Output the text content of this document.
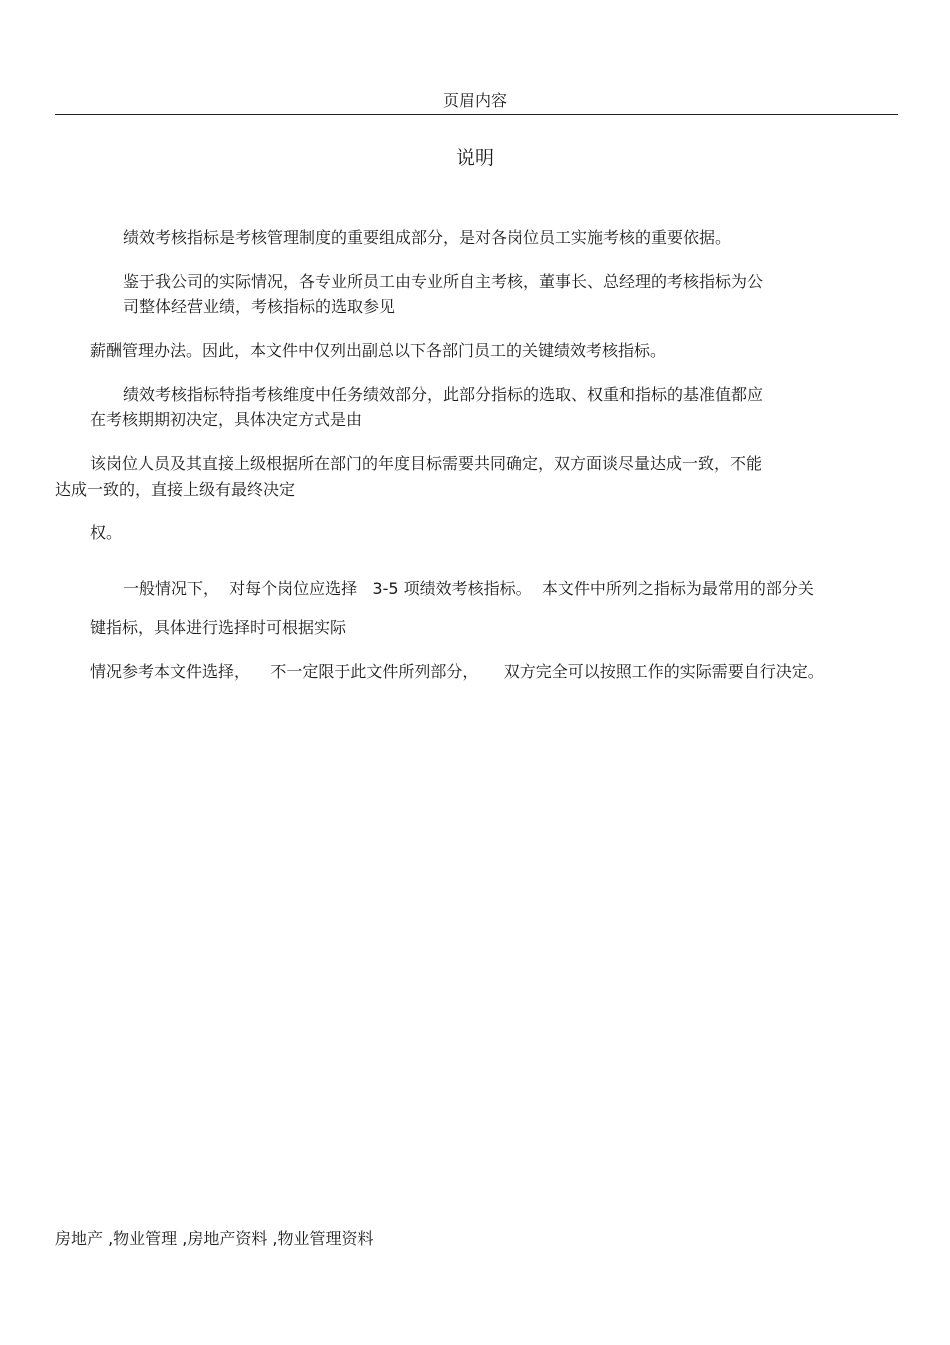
页眉内容
说明
绩效考核指标是考核管理制度的重要组成部分，是对各岗位员工实施考核的重要依据。
鉴于我公司的实际情况，各专业所员工由专业所自主考核，董事长、总经理的考核指标为公
司整体经营业绩，考核指标的选取参见
薪酬管理办法。因此，本文件中仅列出副总以下各部门员工的关键绩效考核指标。
绩效考核指标特指考核维度中任务绩效部分，此部分指标的选取、权重和指标的基准值都应
在考核期期初决定，具体决定方式是由
该岗位人员及其直接上级根据所在部门的年度目标需要共同确定，双方面谈尽量达成一致，不能
达成一致的，直接上级有最终决定
权。
一般情况下，  对每个岗位应选择   3-5 项绩效考核指标。  本文件中所列之指标为最常用的部分关
键指标，具体进行选择时可根据实际
情况参考本文件选择，    不一定限于此文件所列部分，     双方完全可以按照工作的实际需要自行决定。
房地产 ,物业管理 ,房地产资料 ,物业管理资料
